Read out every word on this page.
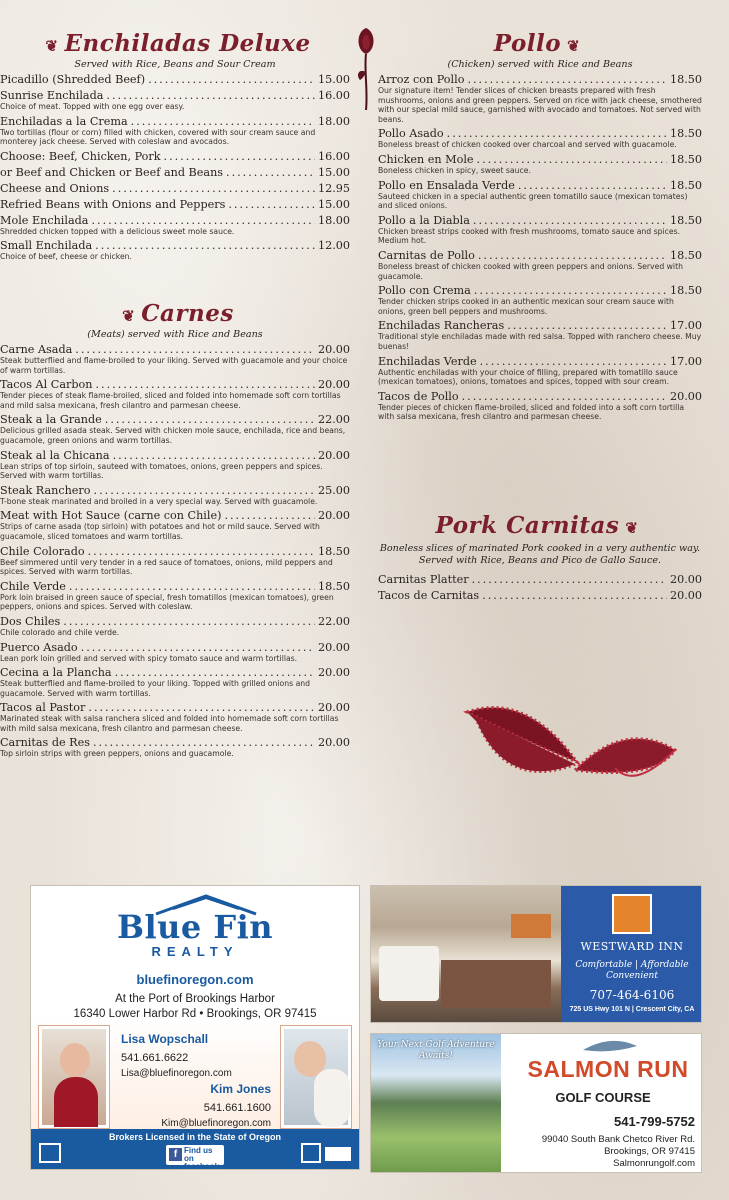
❦ Enchiladas Deluxe
Served with Rice, Beans and Sour Cream
Picadillo (Shredded Beef) .....	15.00
Sunrise Enchilada .....	16.00
Choice of meat. Topped with one egg over easy.
Enchiladas a la Crema .....	18.00
Two tortillas (flour or corn) filled with chicken, covered with sour cream sauce and monterey jack cheese. Served with coleslaw and avocados.
Choose: Beef, Chicken, Pork .....	16.00
or Beef and Chicken or Beef and Beans .....	15.00
Cheese and Onions .....	12.95
Refried Beans with Onions and Peppers .....	15.00
Mole Enchilada .....	18.00
Shredded chicken topped with a delicious sweet mole sauce.
Small Enchilada .....	12.00
Choice of beef, cheese or chicken.
❦ Carnes
(Meats) served with Rice and Beans
Carne Asada .....	20.00
Steak butterflied and flame-broiled to your liking. Served with guacamole and your choice of warm tortillas.
Tacos Al Carbon .....	20.00
Tender pieces of steak flame-broiled, sliced and folded into homemade soft corn tortillas and mild salsa mexicana, fresh cilantro and parmesan cheese.
Steak a la Grande .....	22.00
Delicious grilled asada steak. Served with chicken mole sauce, enchilada, rice and beans, guacamole, green onions and warm tortillas.
Steak al la Chicana .....	20.00
Lean strips of top sirloin, sauteed with tomatoes, onions, green peppers and spices. Served with warm tortillas.
Steak Ranchero .....	25.00
T-bone steak marinated and broiled in a very special way. Served with guacamole.
Meat with Hot Sauce (carne con Chile) .....	20.00
Strips of carne asada (top sirloin) with potatoes and hot or mild sauce. Served with guacamole, sliced tomatoes and warm tortillas.
Chile Colorado .....	18.50
Beef simmered until very tender in a red sauce of tomatoes, onions, mild peppers and spices. Served with warm tortillas.
Chile Verde .....	18.50
Pork loin braised in green sauce of special, fresh tomatillos (mexican tomatoes), green peppers, onions and spices. Served with coleslaw.
Dos Chiles .....	22.00
Chile colorado and chile verde.
Puerco Asado .....	20.00
Lean pork loin grilled and served with spicy tomato sauce and warm tortillas.
Cecina a la Plancha .....	20.00
Steak butterflied and flame-broiled to your liking. Topped with grilled onions and guacamole. Served with warm tortillas.
Tacos al Pastor .....	20.00
Marinated steak with salsa ranchera sliced and folded into homemade soft corn tortillas with mild salsa mexicana, fresh cilantro and parmesan cheese.
Carnitas de Res .....	20.00
Top sirloin strips with green peppers, onions and guacamole.
Pollo ❦
(Chicken) served with Rice and Beans
Arroz con Pollo .....	18.50
Our signature item! Tender slices of chicken breasts prepared with fresh mushrooms, onions and green peppers. Served on rice with jack cheese, smothered with our special mild sauce, garnished with avocado and tomatoes. Not served with beans.
Pollo Asado .....	18.50
Boneless breast of chicken cooked over charcoal and served with guacamole.
Chicken en Mole .....	18.50
Boneless chicken in spicy, sweet sauce.
Pollo en Ensalada Verde .....	18.50
Sauteed chicken in a special authentic green tomatillo sauce (mexican tomates) and sliced onions.
Pollo a la Diabla .....	18.50
Chicken breast strips cooked with fresh mushrooms, tomato sauce and spices. Medium hot.
Carnitas de Pollo .....	18.50
Boneless breast of chicken cooked with green peppers and onions. Served with guacamole.
Pollo con Crema .....	18.50
Tender chicken strips cooked in an authentic mexican sour cream sauce with onions, green bell peppers and mushrooms.
Enchiladas Rancheras .....	17.00
Traditional style enchiladas made with red salsa. Topped with ranchero cheese. Muy buenas!
Enchiladas Verde .....	17.00
Authentic enchiladas with your choice of filling, prepared with tomatillo sauce (mexican tomatoes), onions, tomatoes and spices, topped with sour cream.
Tacos de Pollo .....	20.00
Tender pieces of chicken flame-broiled, sliced and folded into a soft corn tortilla with salsa mexicana, fresh cilantro and parmesan cheese.
Pork Carnitas ❦
Boneless slices of marinated Pork cooked in a very authentic way. Served with Rice, Beans and Pico de Gallo Sauce.
Carnitas Platter .....	20.00
Tacos de Carnitas .....	20.00
Blue Fin
REALTY
bluefinoregon.com
At the Port of Brookings Harbor
16340 Lower Harbor Rd • Brookings, OR 97415
Lisa Wopschall
541.661.6622
Lisa@bluefinoregon.com
Kim Jones
541.661.1600
Kim@bluefinoregon.com
Brokers Licensed in the State of Oregon
f Find us on
facebook.
WESTWARD INN
Comfortable | Affordable
Convenient
707-464-6106
725 US Hwy 101 N | Crescent City, CA
Your Next Golf Adventure Awaits!	SALMON RUN
GOLF COURSE
541-799-5752
99040 South Bank Chetco River Rd.
Brookings, OR 97415
Salmonrungolf.com
